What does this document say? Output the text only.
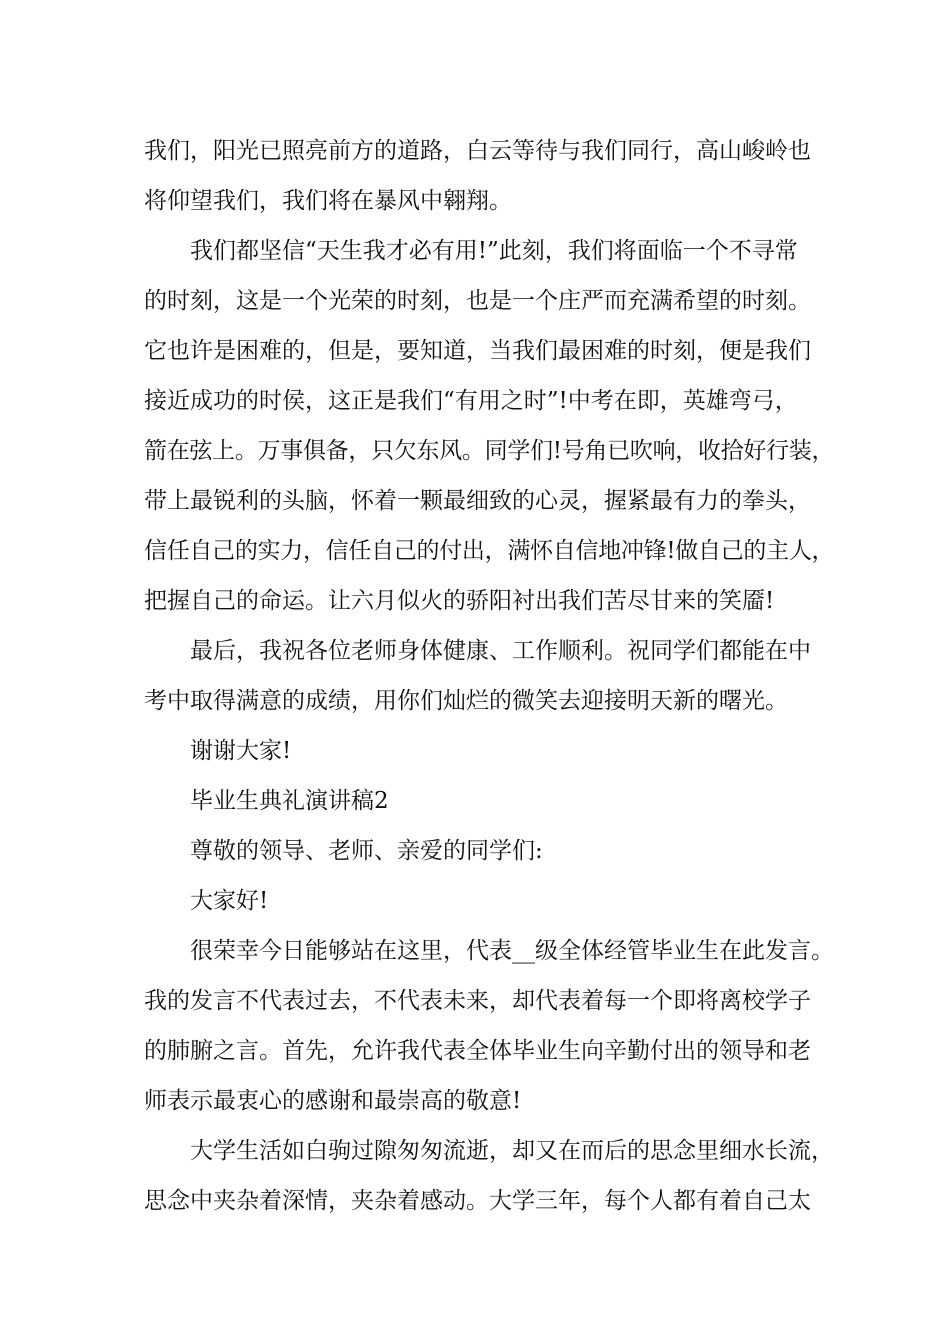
我们，阳光已照亮前方的道路，白云等待与我们同行，高山峻岭也
将仰望我们，我们将在暴风中翱翔。
我们都坚信“天生我才必有用!”此刻，我们将面临一个不寻常
的时刻，这是一个光荣的时刻，也是一个庄严而充满希望的时刻。
它也许是困难的，但是，要知道，当我们最困难的时刻，便是我们
接近成功的时侯，这正是我们“有用之时”!中考在即，英雄弯弓，
箭在弦上。万事俱备，只欠东风。同学们!号角已吹响，收拾好行装，
带上最锐利的头脑，怀着一颗最细致的心灵，握紧最有力的拳头，
信任自己的实力，信任自己的付出，满怀自信地冲锋!做自己的主人，
把握自己的命运。让六月似火的骄阳衬出我们苦尽甘来的笑靥!
最后，我祝各位老师身体健康、工作顺利。祝同学们都能在中
考中取得满意的成绩，用你们灿烂的微笑去迎接明天新的曙光。
谢谢大家!
毕业生典礼演讲稿2
尊敬的领导、老师、亲爱的同学们:
大家好!
很荣幸今日能够站在这里，代表__级全体经管毕业生在此发言。
我的发言不代表过去，不代表未来，却代表着每一个即将离校学子
的肺腑之言。首先，允许我代表全体毕业生向辛勤付出的领导和老
师表示最衷心的感谢和最崇高的敬意!
大学生活如白驹过隙匆匆流逝，却又在而后的思念里细水长流，
思念中夹杂着深情，夹杂着感动。大学三年，每个人都有着自己太
